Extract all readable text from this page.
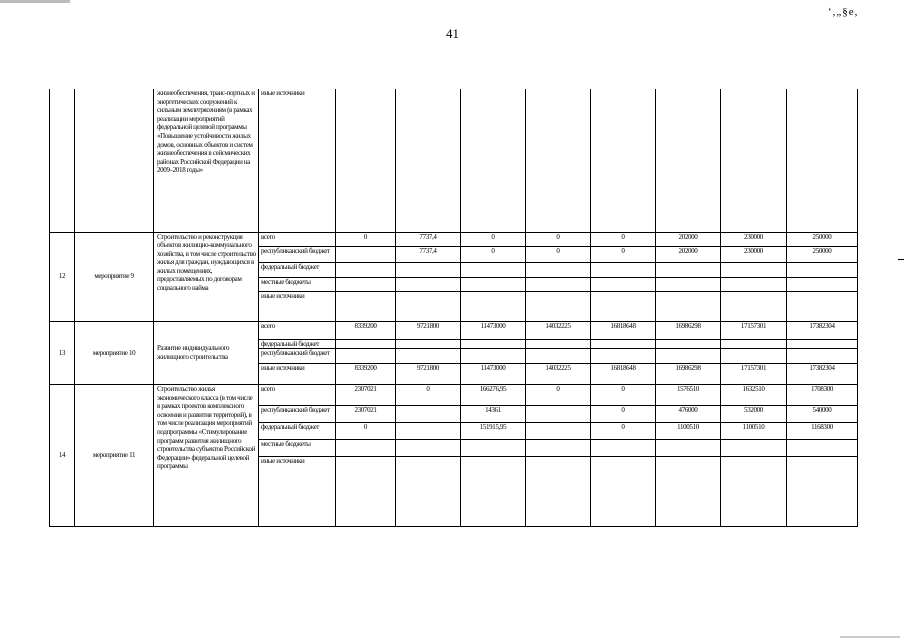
‘,„§e,
41
		жизнеобеспечения, транс-портных и энергетических сооружений к сильным землетрясениям (в рамках реализации мероприятий федеральной целевой программы «Повышение устойчивости жилых домов, основных объектов и систем жизнеобеспечения в сейсмических районах Российской Федерации на 2009–2018 годы»	иные источники								
12	мероприятие 9	Строительство и реконструкция объектов жилищно-коммунального хозяйства, в том числе строительство жилья для граждан, нуждающихся в жилых помещениях, предоставляемых по договорам социального найма	всего	0	7737,4	0	0	0	202000	230000	250000
			республиканский бюджет		7737,4	0	0	0	202000	230000	250000
			федеральный бюджет								
			местные бюджеты								
			иные источники								
13	мероприятие 10	Развитие индивидуального жилищного строительства	всего	8339200	9721800	11473000	14032225	16818648	16986298	17157301	17382304
			федеральный бюджет								
			республиканский бюджет								
			иные источники	8339200	9721800	11473000	14032225	16818648	16986298	17157301	17382304
14	мероприятие 11	Строительство жилья экономического класса (в том числе в рамках проектов комплексного освоения и развития территорий), в том числе реализация мероприятий подпрограммы «Стимулирование программ развития жилищного строительства субъектов Российской Федерации» федеральной целевой программы	всего	2307021	0	166276,95	0	0	1576510	1632510	1708300
			республиканский бюджет	2307021		14361		0	476000	532000	540000
			федеральный бюджет	0		151915,95		0	1100510	1100510	1168300
			местные бюджеты								
			иные источники								
